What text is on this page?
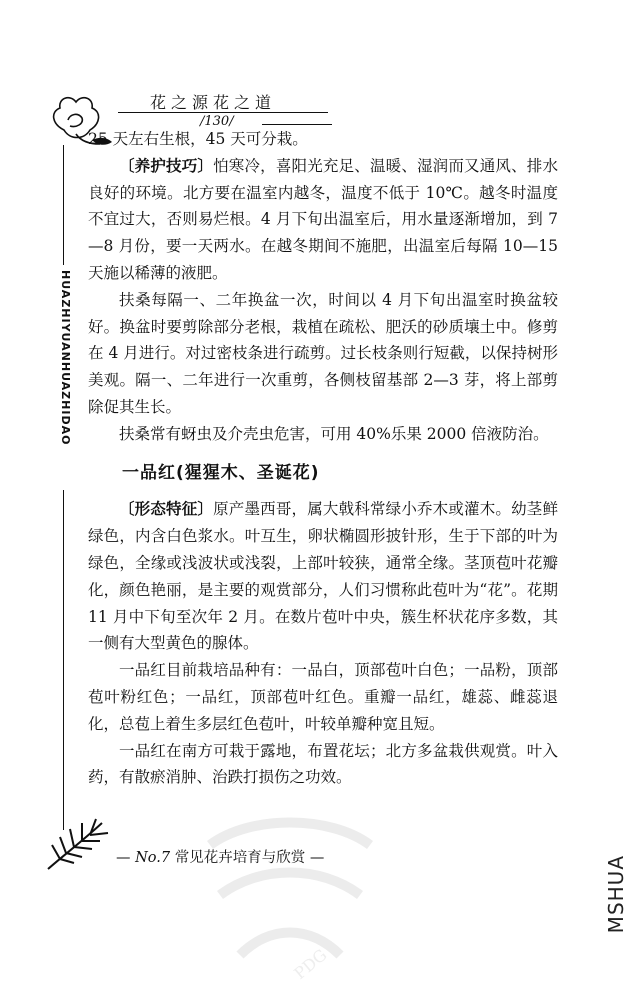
花之源花之道
/130/
HUAZHIYUANHUAZHIDAO

25 天左右生根，45 天可分栽。

〔养护技巧〕怕寒冷，喜阳光充足、温暖、湿润而又通风、排水良好的环境。北方要在温室内越冬，温度不低于 10℃。越冬时温度不宜过大，否则易烂根。4 月下旬出温室后，用水量逐渐增加，到 7—8 月份，要一天两水。在越冬期间不施肥，出温室后每隔 10—15 天施以稀薄的液肥。

扶桑每隔一、二年换盆一次，时间以 4 月下旬出温室时换盆较好。换盆时要剪除部分老根，栽植在疏松、肥沃的砂质壤土中。修剪在 4 月进行。对过密枝条进行疏剪。过长枝条则行短截，以保持树形美观。隔一、二年进行一次重剪，各侧枝留基部 2—3 芽，将上部剪除促其生长。

扶桑常有蚜虫及介壳虫危害，可用 40%乐果 2000 倍液防治。

一品红(猩猩木、圣诞花)

〔形态特征〕原产墨西哥，属大戟科常绿小乔木或灌木。幼茎鲜绿色，内含白色浆水。叶互生，卵状椭圆形披针形，生于下部的叶为绿色，全缘或浅波状或浅裂，上部叶较狭，通常全缘。茎顶苞叶花瓣化，颜色艳丽，是主要的观赏部分，人们习惯称此苞叶为“花”。花期 11 月中下旬至次年 2 月。在数片苞叶中央，簇生杯状花序多数，其一侧有大型黄色的腺体。

一品红目前栽培品种有：一品白，顶部苞叶白色；一品粉，顶部苞叶粉红色；一品红，顶部苞叶红色。重瓣一品红，雄蕊、雌蕊退化，总苞上着生多层红色苞叶，叶较单瓣种宽且短。

一品红在南方可栽于露地，布置花坛；北方多盆栽供观赏。叶入药，有散瘀消肿、治跌打损伤之功效。

— No.7 常见花卉培育与欣赏 —
PDG
MSHUA
